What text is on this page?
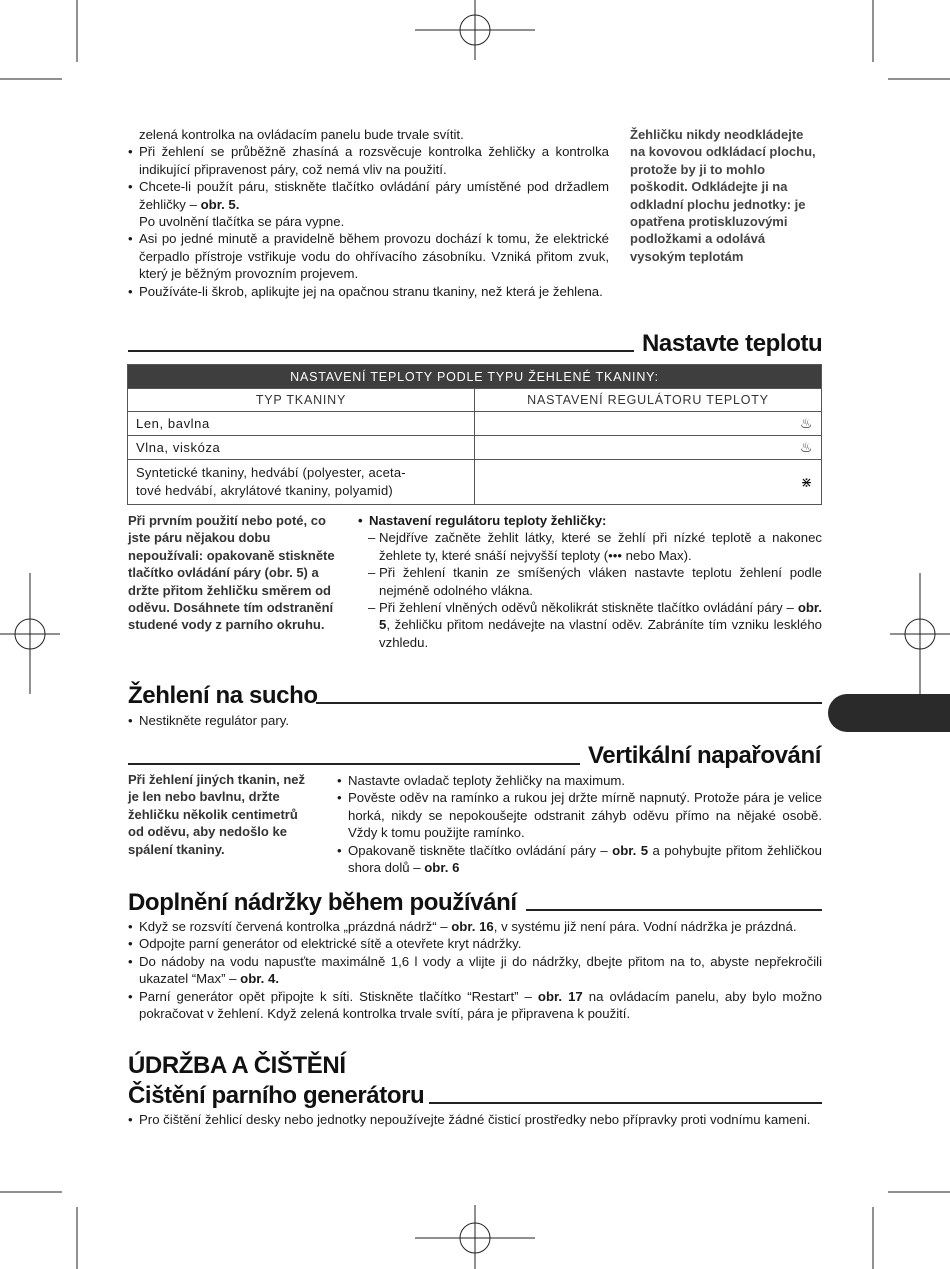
zelená kontrolka na ovládacím panelu bude trvale svítit.
• Při žehlení se průběžně zhasíná a rozsvěcuje kontrolka žehličky a kontrolka indikující připravenost páry, což nemá vliv na použití.
• Chcete-li použít páru, stiskněte tlačítko ovládání páry umístěné pod držadlem žehličky – obr. 5.
Po uvolnění tlačítka se pára vypne.
• Asi po jedné minutě a pravidelně během provozu dochází k tomu, že elektrické čerpadlo přístroje vstřikuje vodu do ohřívacího zásobníku. Vzniká přitom zvuk, který je běžným provozním projevem.
• Používáte-li škrob, aplikujte jej na opačnou stranu tkaniny, než která je žehlena.
Žehličku nikdy neodkládejte na kovovou odkládací plochu, protože by ji to mohlo poškodit. Odkládejte ji na odkladní plochu jednotky: je opatřena protiskluzovými podložkami a odolává vysokým teplotám
Nastavte teplotu
NASTAVENÍ TEPLOTY PODLE TYPU ŽEHLENÉ TKANINY:	
TYP TKANINY	NASTAVENÍ REGULÁTORU TEPLOTY
Len, bavlna	♨
Vlna, viskóza	♨
Syntetické tkaniny, hedvábí (polyester, aceta-
tové hedvábí, akrylátové tkaniny, polyamid)	⋇
Při prvním použití nebo poté, co jste páru nějakou dobu nepoužívali: opakovaně stiskněte tlačítko ovládání páry (obr. 5) a držte přitom žehličku směrem od oděvu. Dosáhnete tím odstranění studené vody z parního okruhu.
• Nastavení regulátoru teploty žehličky:
– Nejdříve začněte žehlit látky, které se žehlí při nízké teplotě a nakonec žehlete ty, které snáší nejvyšší teploty (••• nebo Max).
– Při žehlení tkanin ze smíšených vláken nastavte teplotu žehlení podle nejméně odolného vlákna.
– Při žehlení vlněných oděvů několikrát stiskněte tlačítko ovládání páry – obr. 5, žehličku přitom nedávejte na vlastní oděv. Zabráníte tím vzniku lesklého vzhledu.
Žehlení na sucho
• Nestikněte regulátor pary.
Vertikální napařování
Při žehlení jiných tkanin, než je len nebo bavlnu, držte žehličku několik centimetrů od oděvu, aby nedošlo ke spálení tkaniny.
• Nastavte ovladač teploty žehličky na maximum.
• Pověste oděv na ramínko a rukou jej držte mírně napnutý. Protože pára je velice horká, nikdy se nepokoušejte odstranit záhyb oděvu přímo na nějaké osobě. Vždy k tomu použijte ramínko.
• Opakovaně tiskněte tlačítko ovládání páry – obr. 5 a pohybujte přitom žehličkou shora dolů – obr. 6
Doplnění nádržky během používání
• Když se rozsvítí červená kontrolka „prázdná nádrž“ – obr. 16, v systému již není pára. Vodní nádržka je prázdná.
• Odpojte parní generátor od elektrické sítě a otevřete kryt nádržky.
• Do nádoby na vodu napusťte maximálně 1,6 l vody a vlijte ji do nádržky, dbejte přitom na to, abyste nepřekročili ukazatel “Max” – obr. 4.
• Parní generátor opět připojte k síti. Stiskněte tlačítko “Restart” – obr. 17 na ovládacím panelu, aby bylo možno pokračovat v žehlení. Když zelená kontrolka trvale svítí, pára je připravena k použití.
ÚDRŽBA A ČIŠTĚNÍ
Čištění parního generátoru
• Pro čištění žehlicí desky nebo jednotky nepoužívejte žádné čisticí prostředky nebo přípravky proti vodnímu kameni.
